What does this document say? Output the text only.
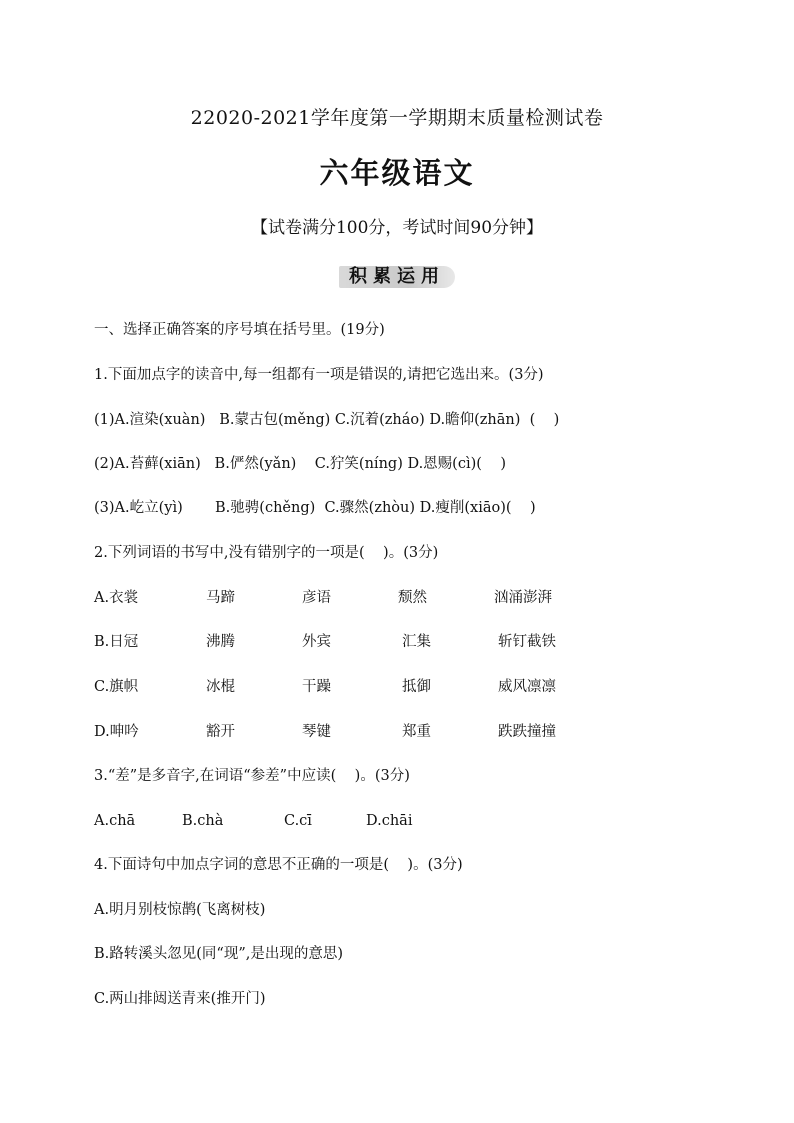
22020-2021学年度第一学期期末质量检测试卷
六年级语文
【试卷满分100分，考试时间90分钟】
积累运用
一、选择正确答案的序号填在括号里。(19分)
1.下面加点字的读音中,每一组都有一项是错误的,请把它选出来。(3分)
(1)A.渲染(xuàn)   B.蒙古包(měng) C.沉着(zháo) D.瞻仰(zhān)  (    )
(2)A.苔藓(xiān)   B.俨然(yǎn)    C.狞笑(níng) D.恩赐(cì)(    )
(3)A.屹立(yì)       B.驰骋(chěng)  C.骤然(zhòu) D.瘦削(xiāo)(    )
2.下列词语的书写中,没有错别字的一项是(    )。(3分)
A.衣裳	马蹄	彦语	颓然	汹涌澎湃
B.日冠	沸腾	外宾	汇集	斩钉截铁
C.旗帜	冰棍	干躁	抵御	威风凛凛
D.呻吟	豁开	琴键	郑重	跌跌撞撞
3.“差”是多音字,在词语“参差”中应读(    )。(3分)
A.chā	B.chà	C.cī	D.chāi
4.下面诗句中加点字词的意思不正确的一项是(    )。(3分)
A.明月别枝惊鹊(飞离树枝)
B.路转溪头忽见(同“现”,是出现的意思)
C.两山排闼送青来(推开门)
